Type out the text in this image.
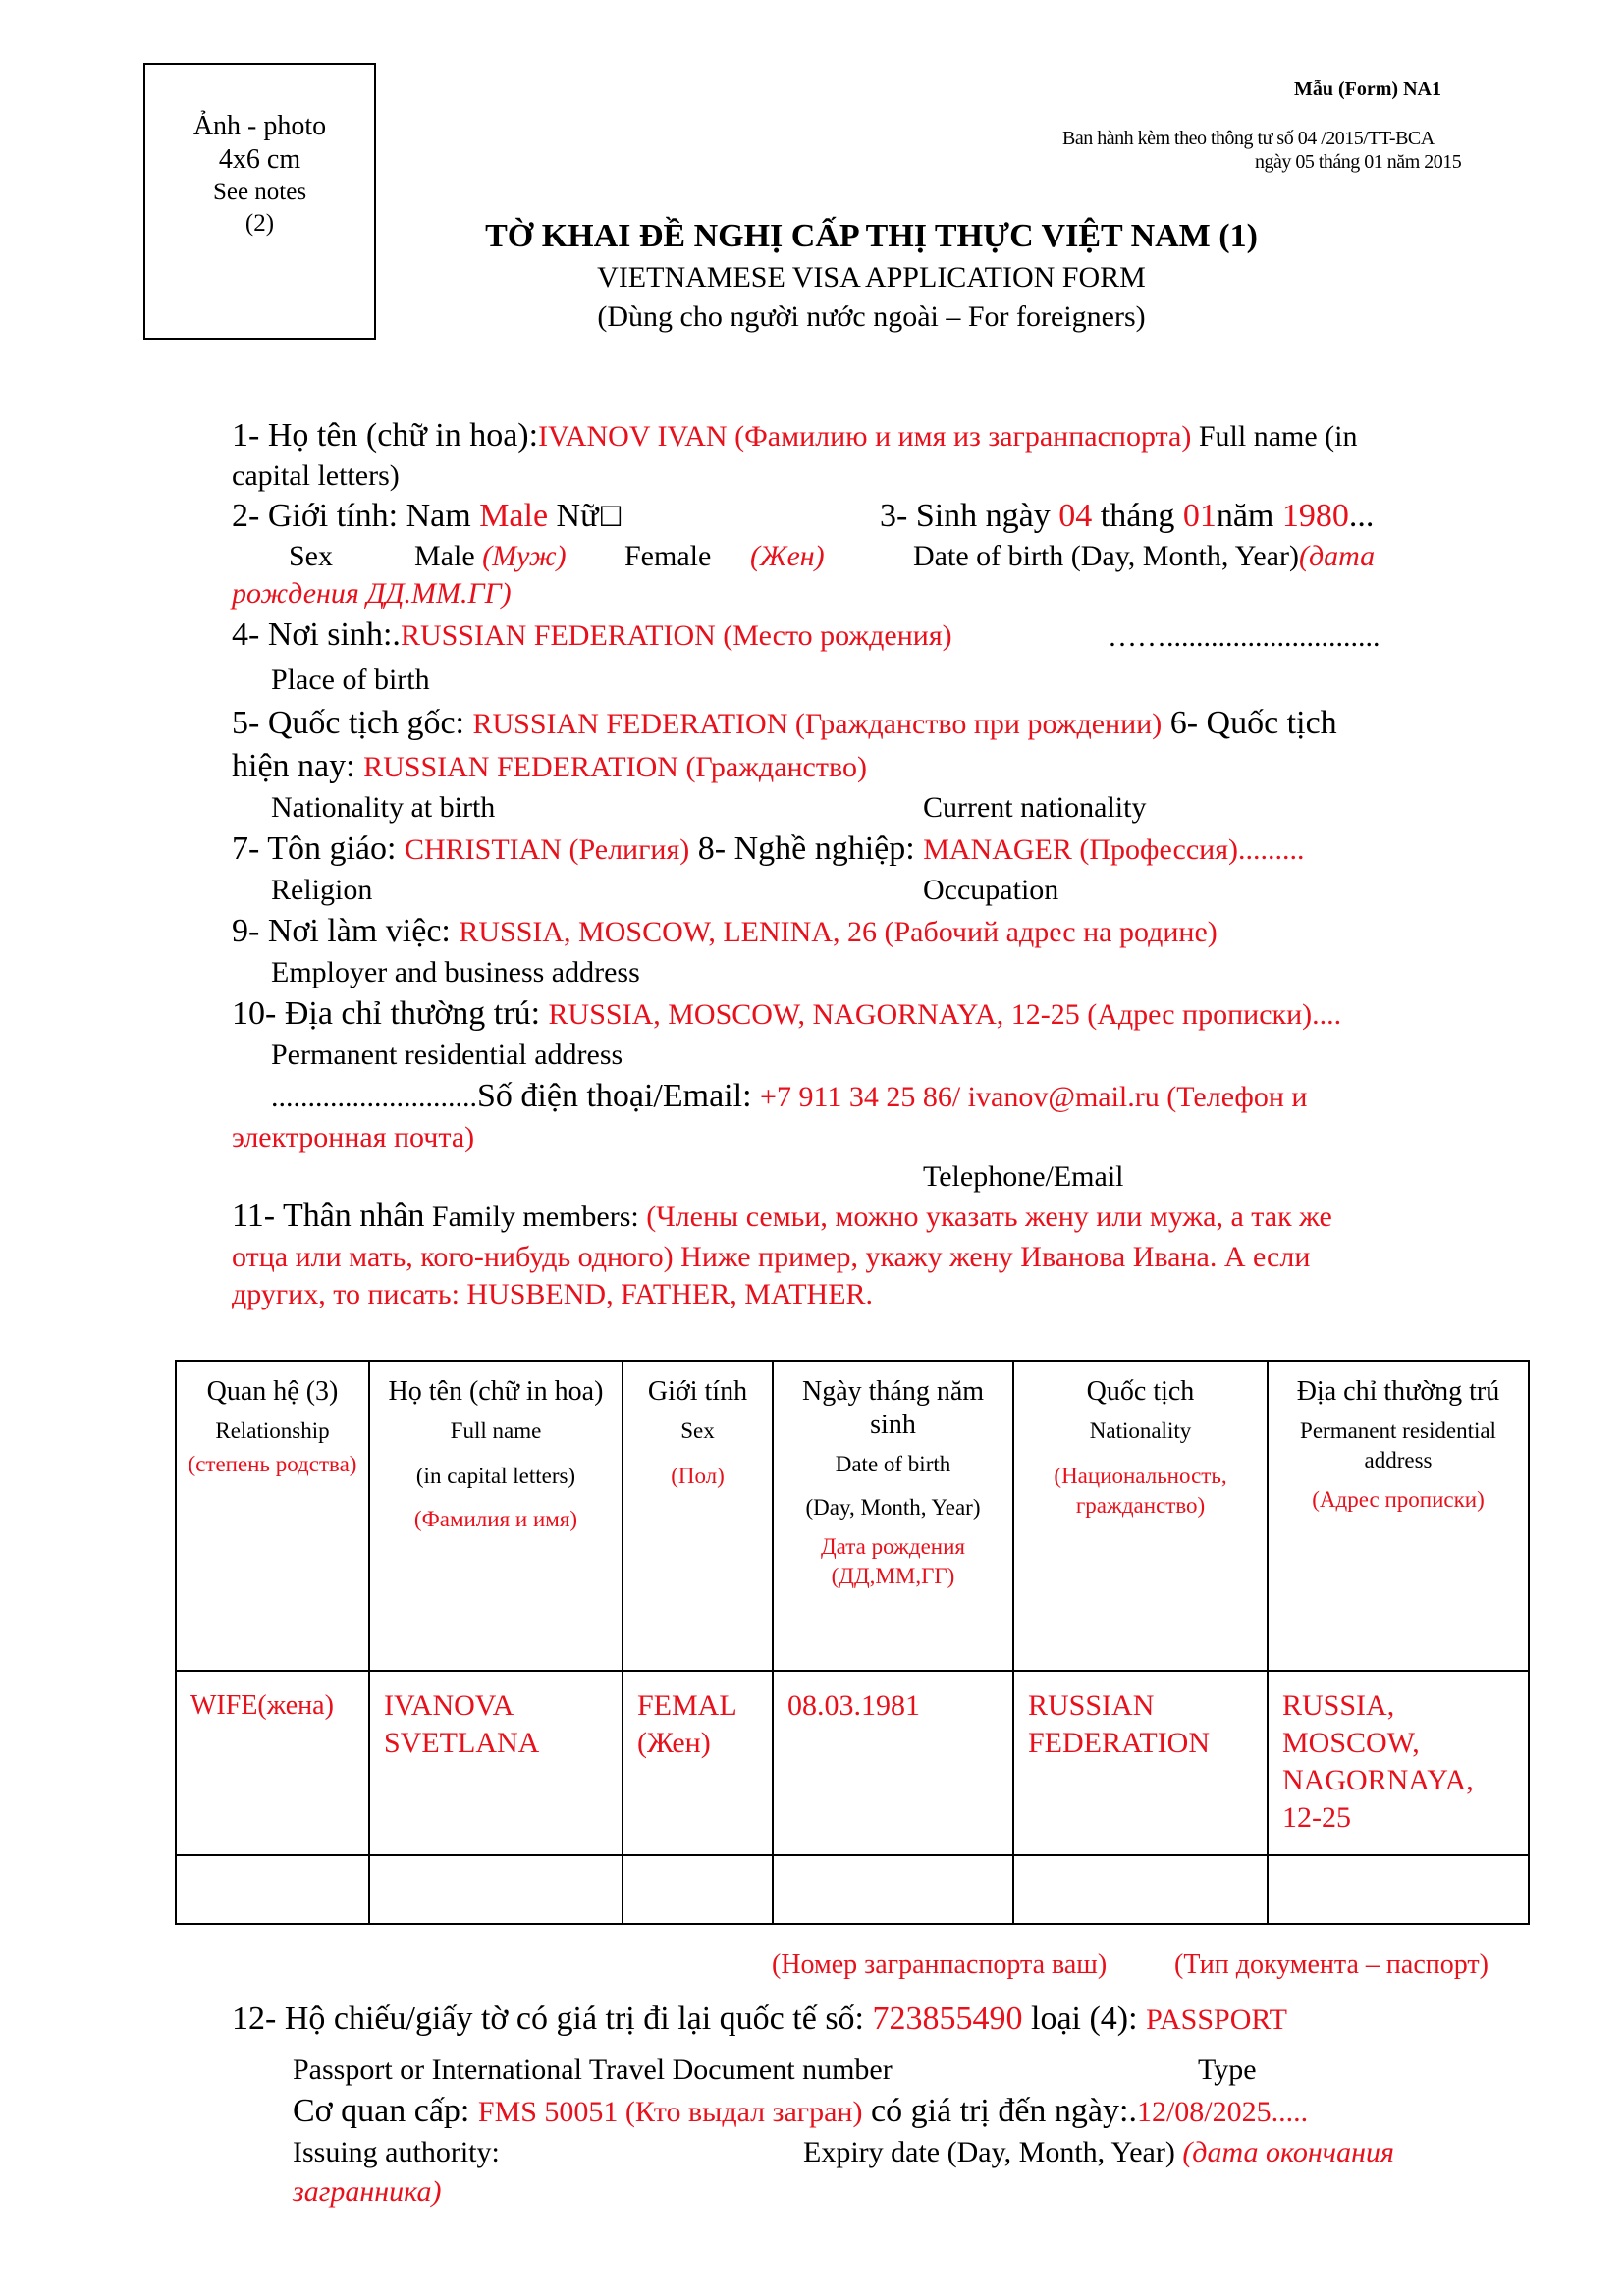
Mẫu (Form) NA1
Ban hành kèm theo thông tư số 04 /2015/TT-BCA
ngày 05 tháng 01 năm 2015
Ảnh - photo
4x6 cm
See notes
(2)	TỜ KHAI ĐỀ NGHỊ CẤP THỊ THỰC VIỆT NAM (1)
VIETNAMESE VISA APPLICATION FORM
(Dùng cho người nước ngoài – For foreigners)
1- Họ tên (chữ in hoa):IVANOV IVAN (Фамилию и имя из загранпаспорта) Full name (in
capital letters)
2- Giới tính: Nam Male Nữ☐	3- Sinh ngày 04 tháng 01năm 1980...
Sex	Male (Муж) Female (Жен)	Date of birth (Day, Month, Year)(дата
рождения ДД.ММ.ГГ)
4- Nơi sinh:.RUSSIAN FEDERATION (Место рождения)	…….............................
Place of birth
5- Quốc tịch gốc: RUSSIAN FEDERATION (Гражданство при рождении) 6- Quốc tịch
hiện nay: RUSSIAN FEDERATION (Гражданство)
Nationality at birth	Current nationality
7- Tôn giáo: CHRISTIAN (Религия) 8- Nghề nghiệp: MANAGER (Профессия).........
Religion	Occupation
9- Nơi làm việc: RUSSIA, MOSCOW, LENINA, 26 (Рабочий адрес на родине)
Employer and business address
10- Địa chỉ thường trú: RUSSIA, MOSCOW, NAGORNAYA, 12-25 (Адрес прописки)....
Permanent residential address
............................Số điện thoại/Email: +7 911 34 25 86/ ivanov@mail.ru (Телефон и
электронная почта)
Telephone/Email
11- Thân nhân Family members: (Члены семьи, можно указать жену или мужа, а так же
отца или мать, кого-нибудь одного) Ниже пример, укажу жену Иванова Ивана. А если
других, то писать: HUSBEND, FATHER, MATHER.
Quan hệ (3)
Relationship
(степень родства)	Họ tên (chữ in hoa)
Full name
(in capital letters)
(Фамилия и имя)	Giới tính
Sex
(Пол)	Ngày tháng năm sinh
Date of birth
(Day, Month, Year)
Дата рождения (ДД,ММ,ГГ)	Quốc tịch
Nationality
(Национальность, гражданство)	Địa chỉ thường trú
Permanent residential address
(Адрес прописки)

WIFE(жена)	IVANOVA SVETLANA	FEMAL (Жен)	08.03.1981	RUSSIAN FEDERATION	RUSSIA, MOSCOW, NAGORNAYA, 12-25

(Номер загранпаспорта ваш) (Тип документа – паспорт)
12- Hộ chiếu/giấy tờ có giá trị đi lại quốc tế số: 723855490 loại (4): PASSPORT
Passport or International Travel Document number	Type
Cơ quan cấp: FMS 50051 (Кто выдал загран) có giá trị đến ngày:.12/08/2025.....
Issuing authority:	Expiry date (Day, Month, Year) (дата окончания
загранника)
